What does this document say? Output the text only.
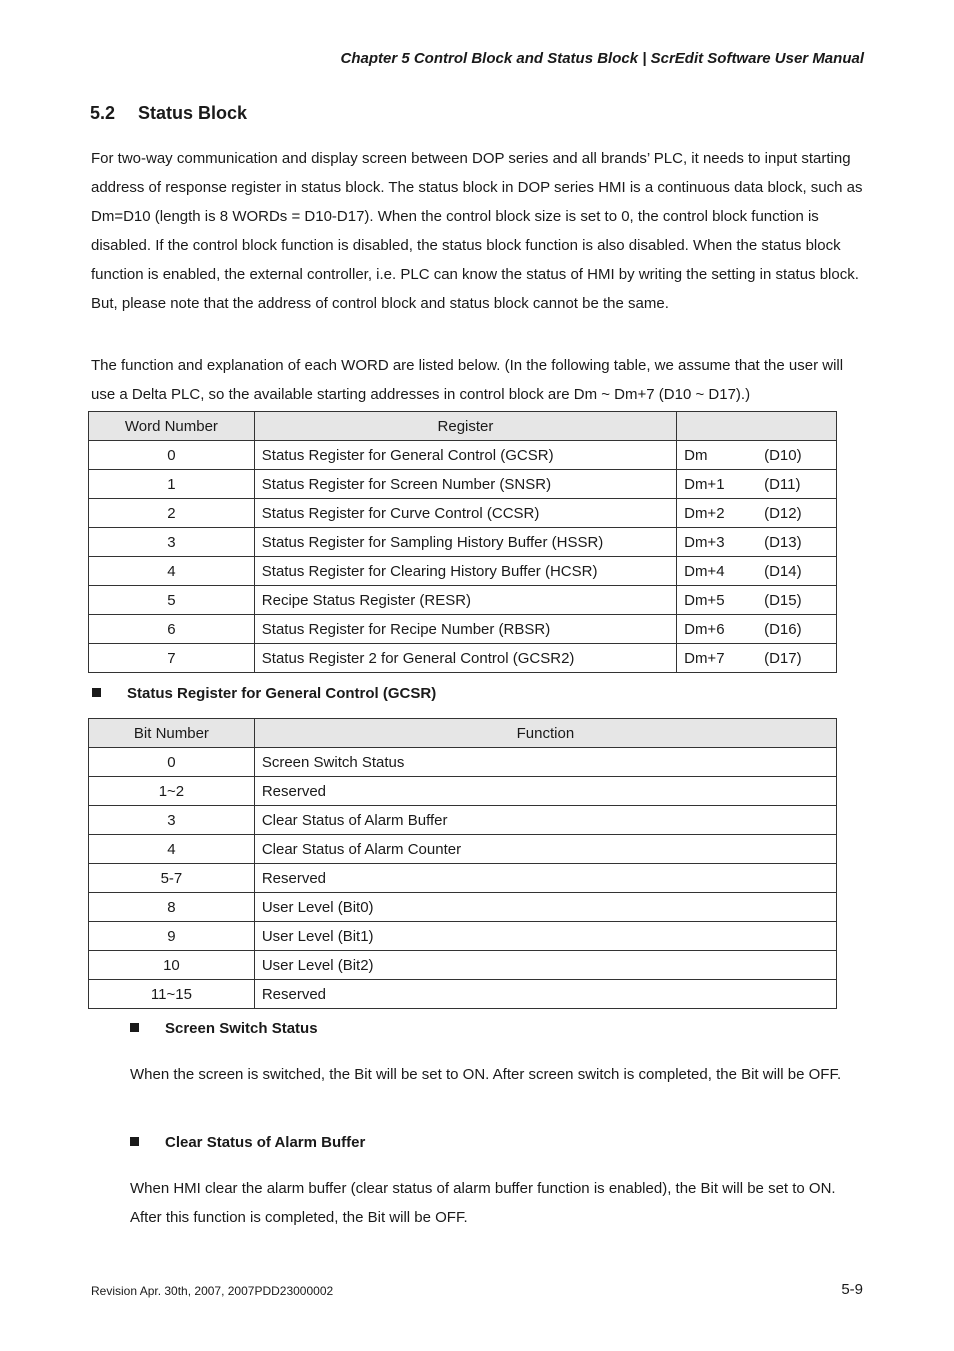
Chapter 5 Control Block and Status Block | ScrEdit Software User Manual
5.2 Status Block

For two-way communication and display screen between DOP series and all brands’ PLC, it needs to input starting address of response register in status block. The status block in DOP series HMI is a continuous data block, such as Dm=D10 (length is 8 WORDs = D10-D17). When the control block size is set to 0, the control block function is disabled. If the control block function is disabled, the status block function is also disabled. When the status block function is enabled, the external controller, i.e. PLC can know the status of HMI by writing the setting in status block. But, please note that the address of control block and status block cannot be the same.

The function and explanation of each WORD are listed below. (In the following table, we assume that the user will use a Delta PLC, so the available starting addresses in control block are Dm ~ Dm+7 (D10 ~ D17).)

Word Number	Register	
0	Status Register for General Control (GCSR)	Dm (D10)
1	Status Register for Screen Number (SNSR)	Dm+1 (D11)
2	Status Register for Curve Control (CCSR)	Dm+2 (D12)
3	Status Register for Sampling History Buffer (HSSR)	Dm+3 (D13)
4	Status Register for Clearing History Buffer (HCSR)	Dm+4 (D14)
5	Recipe Status Register (RESR)	Dm+5 (D15)
6	Status Register for Recipe Number (RBSR)	Dm+6 (D16)
7	Status Register 2 for General Control (GCSR2)	Dm+7 (D17)
Status Register for General Control (GCSR)
Bit Number	Function
0	Screen Switch Status
1~2	Reserved
3	Clear Status of Alarm Buffer
4	Clear Status of Alarm Counter
5-7	Reserved
8	User Level (Bit0)
9	User Level (Bit1)
10	User Level (Bit2)
11~15	Reserved
Screen Switch Status

When the screen is switched, the Bit will be set to ON. After screen switch is completed, the Bit will be OFF.

Clear Status of Alarm Buffer

When HMI clear the alarm buffer (clear status of alarm buffer function is enabled), the Bit will be set to ON. After this function is completed, the Bit will be OFF.

Revision Apr. 30th, 2007, 2007PDD23000002	5-9
